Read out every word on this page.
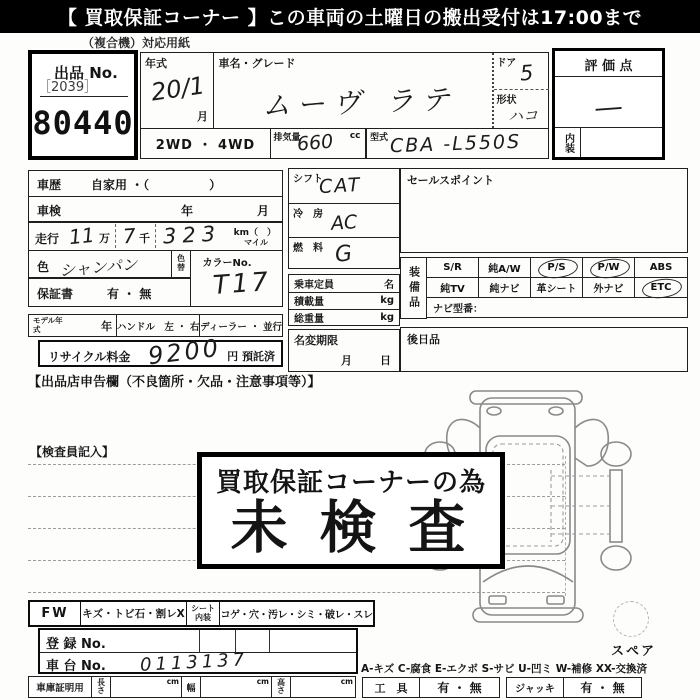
【 買取保証コーナー 】この車両の土曜日の搬出受付は17:00まで
（複合機）対応用紙
出品 No.
［2039］
80440
年式
20/1
月
車名・グレード
ムーヴ ラテ
ドア 5
形状
ハコ
2WD ・ 4WD 排気量
660 cc 型式 CBA -L550S
評 価 点
―
内装
車歴 自家用 ・（　　　　　）
車検	年	月
走行 11 万 7 千 323 km（　）
マイル
色 シャンパン	色替 カラーNo.
T17
保証書	有 ・ 無
シフト
CAT
冷　房 AC
燃　料 G
乗車定員	名
積載量	kg
総重量	kg
名変期限
月	日
セールスポイント
装備品 S/R	純A/W	P/S	P/W	ABS
純TV 純ナビ 革シート 外ナビ	ETC
ナビ型番：
後日品
モデル年式	年 ハンドル　左 ・ 右 ディーラー ・ 並行
リサイクル料金 9200 円 預託済
【出品店申告欄（不良箇所・欠品・注意事項等）】
【検査員記入】
スペア
買取保証コーナーの為
未 検 査
FW キズ・トビ石・割レX シート内装 コゲ・穴・汚レ・シミ・破レ・スレ
登 録 No.
車 台 No. 0113137
車庫証明用
長さ
cm
幅
cm 高さ
cm
A-キズ C-腐食 E-エクボ S-サビ U-凹ミ W-補修 XX-交換済
工　具 有 ・ 無	ジャッキ 有 ・ 無
